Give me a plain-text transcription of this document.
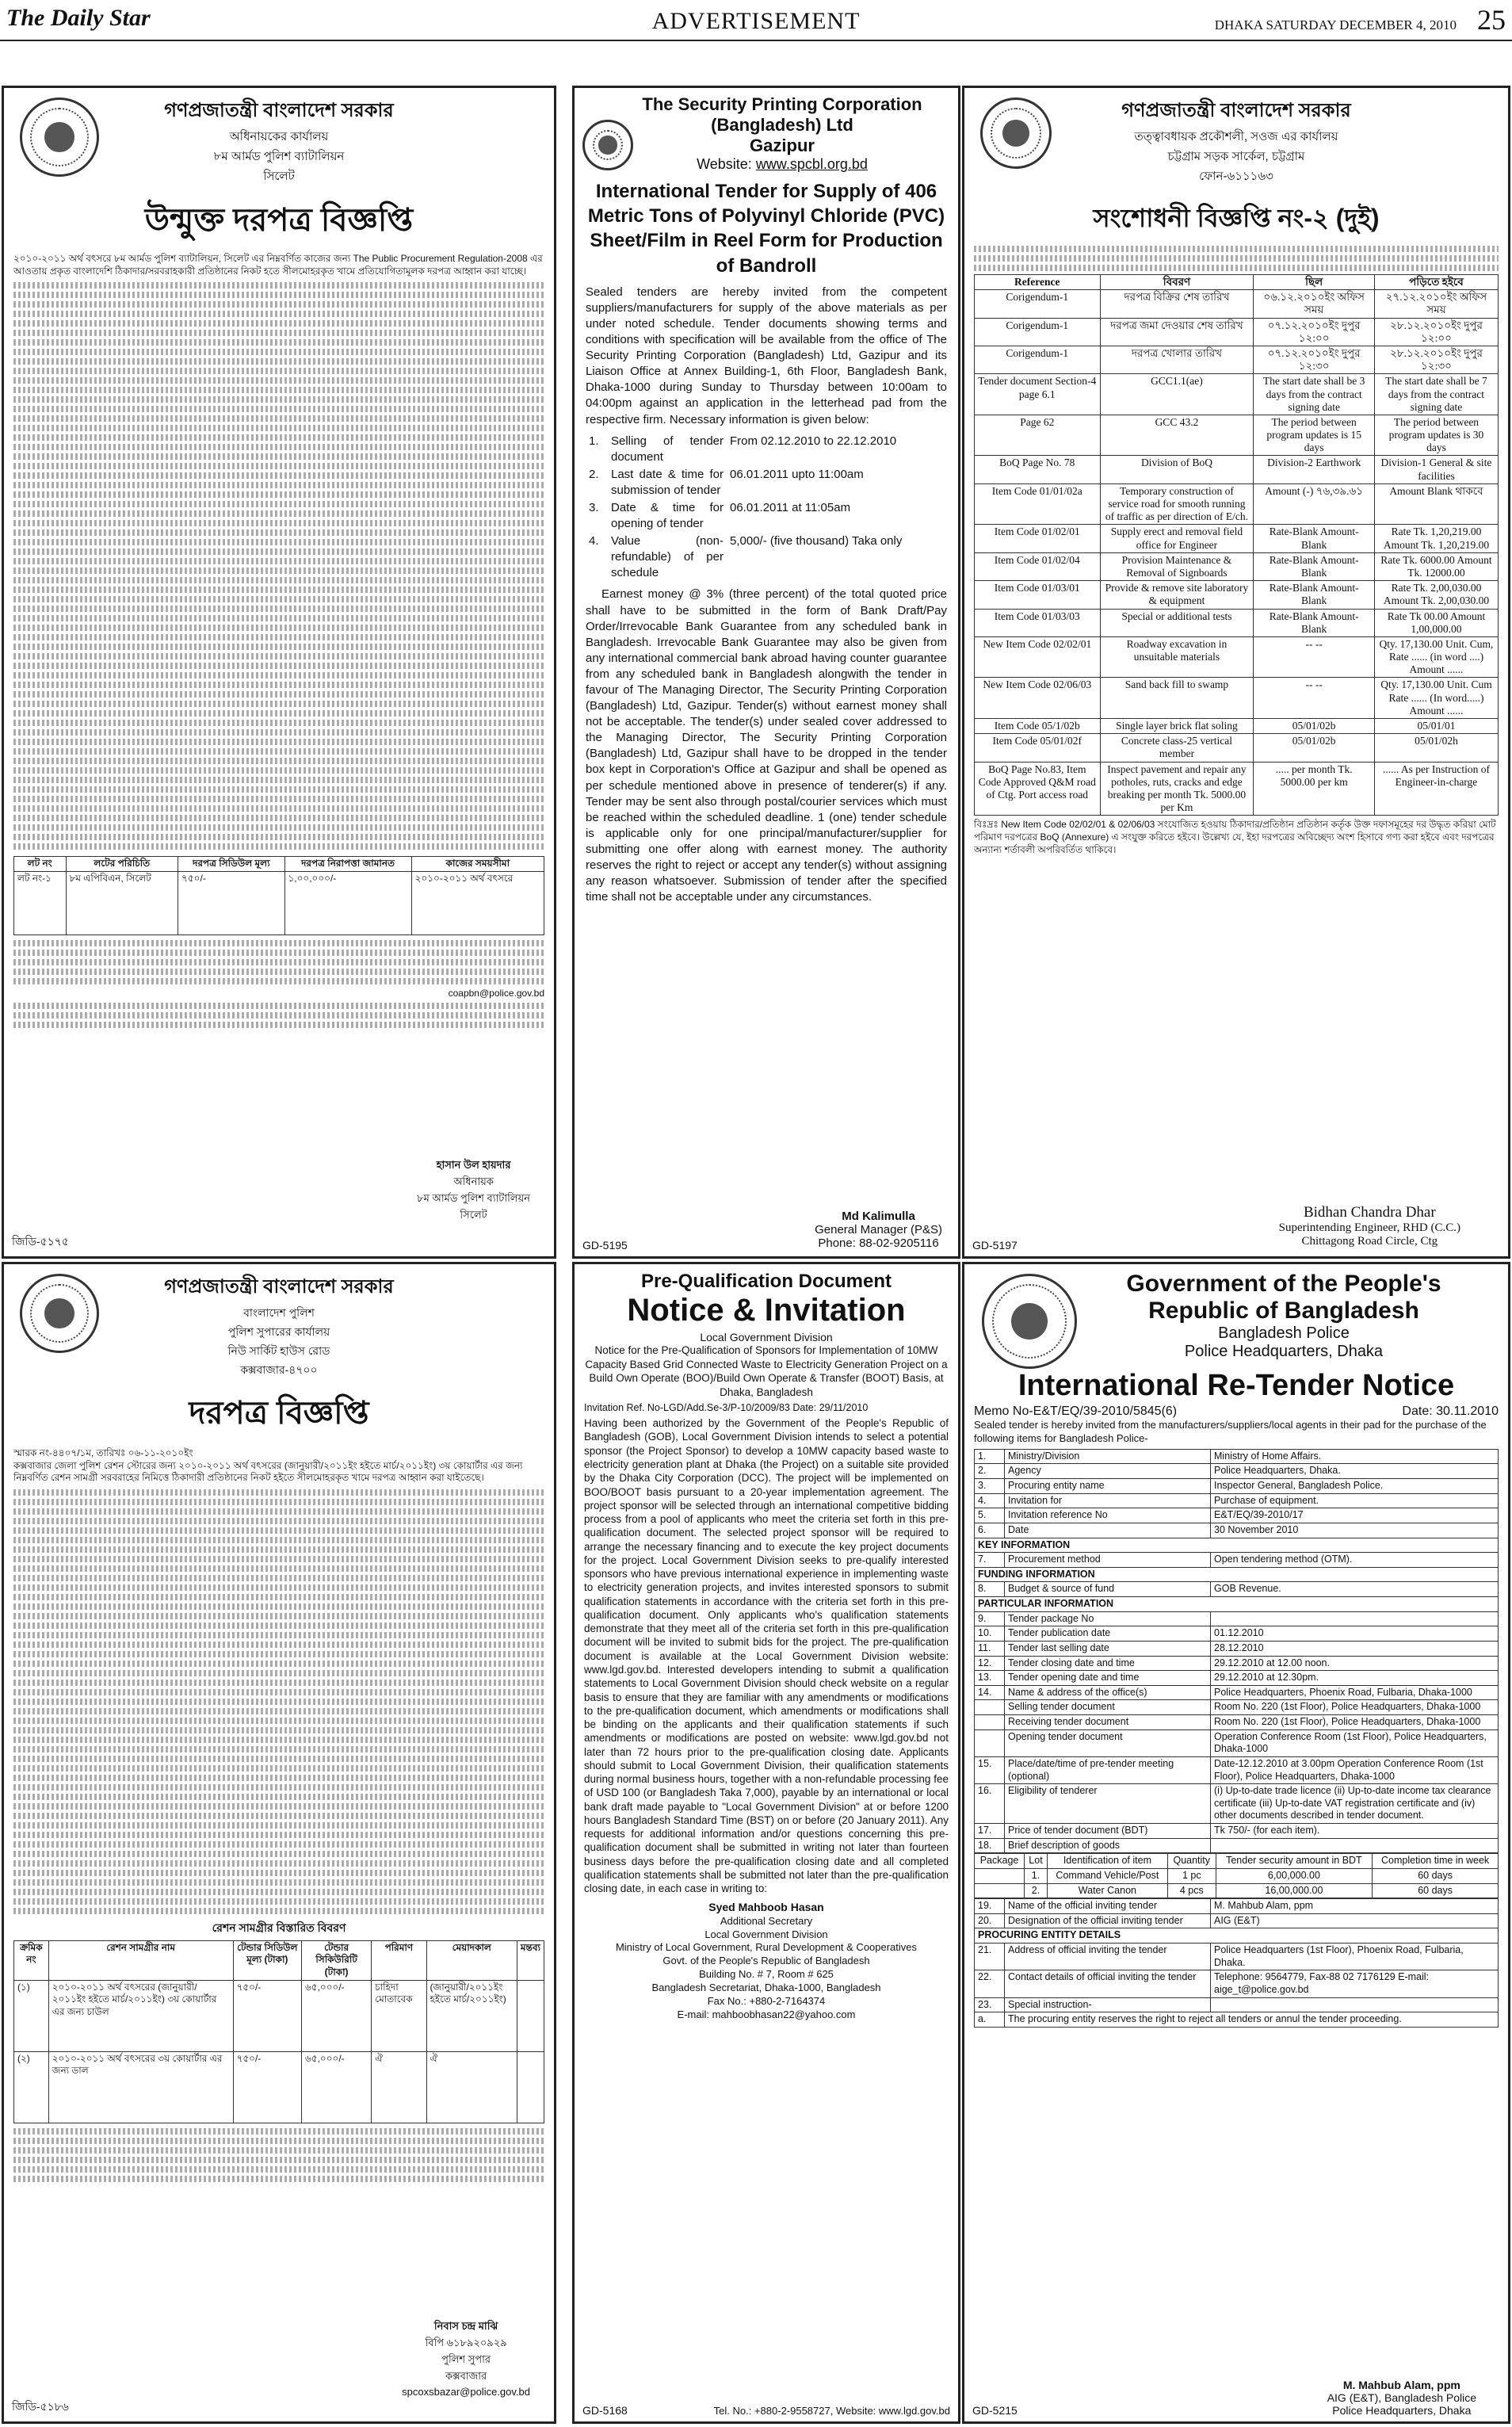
The Daily Star	ADVERTISEMENT	DHAKA SATURDAY DECEMBER 4, 2010 25
গণপ্রজাতন্ত্রী বাংলাদেশ সরকার
অধিনায়কের কার্যালয়
৮ম আর্মড পুলিশ ব্যাটালিয়ন
সিলেট
উন্মুক্ত দরপত্র বিজ্ঞপ্তি
২০১০-২০১১ অর্থ বৎসরে ৮ম আর্মড পুলিশ ব্যাটালিয়ন, সিলেট এর নিম্নবর্ণিত কাজের জন্য The Public Procurement Regulation-2008 এর আওতায় প্রকৃত বাংলাদেশি ঠিকাদার/সরবরাহকারী প্রতিষ্ঠানের নিকট হতে সীলমোহরকৃত খামে প্রতিযোগিতামূলক দরপত্র আহ্বান করা যাচ্ছে।
লট নং	লটের পরিচিতি	দরপত্র সিডিউল মূল্য	দরপত্র নিরাপত্তা জামানত	কাজের সময়সীমা
লট নং-১	৮ম এপিবিএন, সিলেট	৭৫০/-	১,০০,০০০/-	২০১০-২০১১ অর্থ বৎসরে
coapbn@police.gov.bd
হাসান উল হায়দার
অধিনায়ক
৮ম আর্মড পুলিশ ব্যাটালিয়ন
সিলেট
জিডি-৫১৭৫
The Security Printing Corporation
(Bangladesh) Ltd
Gazipur
Website: www.spcbl.org.bd
International Tender for Supply of 406 Metric Tons of Polyvinyl Chloride (PVC) Sheet/Film in Reel Form for Production of Bandroll
Sealed tenders are hereby invited from the competent suppliers/manufacturers for supply of the above materials as per under noted schedule. Tender documents showing terms and conditions with specification will be available from the office of The Security Printing Corporation (Bangladesh) Ltd, Gazipur and its Liaison Office at Annex Building-1, 6th Floor, Bangladesh Bank, Dhaka-1000 during Sunday to Thursday between 10:00am to 04:00pm against an application in the letterhead pad from the respective firm. Necessary information is given below:
1.	Selling of tender document	From 02.12.2010 to 22.12.2010
2.	Last date & time for submission of tender	06.01.2011 upto 11:00am
3.	Date & time for opening of tender	06.01.2011 at 11:05am
4.	Value (non-refundable) of per schedule	5,000/- (five thousand) Taka only
Earnest money @ 3% (three percent) of the total quoted price shall have to be submitted in the form of Bank Draft/Pay Order/Irrevocable Bank Guarantee from any scheduled bank in Bangladesh. Irrevocable Bank Guarantee may also be given from any international commercial bank abroad having counter guarantee from any scheduled bank in Bangladesh alongwith the tender in favour of The Managing Director, The Security Printing Corporation (Bangladesh) Ltd, Gazipur. Tender(s) without earnest money shall not be acceptable. The tender(s) under sealed cover addressed to the Managing Director, The Security Printing Corporation (Bangladesh) Ltd, Gazipur shall have to be dropped in the tender box kept in Corporation's Office at Gazipur and shall be opened as per schedule mentioned above in presence of tenderer(s) if any. Tender may be sent also through postal/courier services which must be reached within the scheduled deadline. 1 (one) tender schedule is applicable only for one principal/manufacturer/supplier for submitting one offer along with earnest money. The authority reserves the right to reject or accept any tender(s) without assigning any reason whatsoever. Submission of tender after the specified time shall not be acceptable under any circumstances.
Md Kalimulla
General Manager (P&S)
Phone: 88-02-9205116
GD-5195
গণপ্রজাতন্ত্রী বাংলাদেশ সরকার
তত্ত্বাবধায়ক প্রকৌশলী, সওজ এর কার্যালয়
চট্টগ্রাম সড়ক সার্কেল, চট্টগ্রাম
ফোন-৬১১১৬৩
সংশোধনী বিজ্ঞপ্তি নং-২ (দুই)
Reference	বিবরণ	ছিল	পড়িতে হইবে
Corigendum-1	দরপত্র বিক্রির শেষ তারিখ	০৬.১২.২০১০ইং অফিস সময়	২৭.১২.২০১০ইং অফিস সময়
Corigendum-1	দরপত্র জমা দেওয়ার শেষ তারিখ	০৭.১২.২০১০ইং দুপুর ১২:০০	২৮.১২.২০১০ইং দুপুর ১২:০০
Corigendum-1	দরপত্র খোলার তারিখ	০৭.১২.২০১০ইং দুপুর ১২:৩০	২৮.১২.২০১০ইং দুপুর ১২:৩০
Tender document Section-4 page 6.1	GCC1.1(ae)	The start date shall be 3 days from the contract signing date	The start date shall be 7 days from the contract signing date
Page 62	GCC 43.2	The period between program updates is 15 days	The period between program updates is 30 days
BoQ Page No. 78	Division of BoQ	Division-2 Earthwork	Division-1 General & site facilities
Item Code 01/01/02a	Temporary construction of service road for smooth running of traffic as per direction of E/ch.	Amount (-) ৭৬,৩৯.৬১	Amount Blank থাকবে
Item Code 01/02/01	Supply erect and removal field office for Engineer	Rate-Blank Amount-Blank	Rate Tk. 1,20,219.00 Amount Tk. 1,20,219.00
Item Code 01/02/04	Provision Maintenance & Removal of Signboards	Rate-Blank Amount-Blank	Rate Tk. 6000.00 Amount Tk. 12000.00
Item Code 01/03/01	Provide & remove site laboratory & equipment	Rate-Blank Amount-Blank	Rate Tk. 2,00,030.00 Amount Tk. 2,00,030.00
Item Code 01/03/03	Special or additional tests	Rate-Blank Amount-Blank	Rate Tk 00.00 Amount 1,00,000.00
New Item Code 02/02/01	Roadway excavation in unsuitable materials	-- --	Qty. 17,130.00 Unit. Cum, Rate ...... (in word ....) Amount ......
New Item Code 02/06/03	Sand back fill to swamp	-- --	Qty. 17,130.00 Unit. Cum Rate ...... (In word.....) Amount ......
Item Code 05/1/02b	Single layer brick flat soling	05/01/02b	05/01/01
Item Code 05/01/02f	Concrete class-25 vertical member	05/01/02b	05/01/02h
BoQ Page No.83, Item Code Approved Q&M road of Ctg. Port access road	Inspect pavement and repair any potholes, ruts, cracks and edge breaking per month Tk. 5000.00 per Km	..... per month Tk. 5000.00 per km	...... As per Instruction of Engineer-in-charge
বিঃদ্রঃ New Item Code 02/02/01 & 02/06/03 সংযোজিত হওয়ায় ঠিকাদার/প্রতিষ্ঠান প্রতিষ্ঠান কর্তৃক উক্ত দফাসমূহের দর উদ্ধৃত করিয়া মোট পরিমাণ দরপত্রের BoQ (Annexure) এ সংযুক্ত করিতে হইবে। উল্লেখ্য যে, ইহা দরপত্রের অবিচ্ছেদ্য অংশ হিসাবে গণ্য করা হইবে এবং দরপত্রের অন্যান্য শর্তাবলী অপরিবর্তিত থাকিবে।
Bidhan Chandra Dhar
Superintending Engineer, RHD (C.C.)
Chittagong Road Circle, Ctg
GD-5197
গণপ্রজাতন্ত্রী বাংলাদেশ সরকার
বাংলাদেশ পুলিশ
পুলিশ সুপারের কার্যালয়
নিউ সার্কিট হাউস রোড
কক্সবাজার-৪৭০০
দরপত্র বিজ্ঞপ্তি
স্মারক নং-৪৪০৭/১ম, তারিখঃ ০৬-১১-২০১০ইং
কক্সবাজার জেলা পুলিশ রেশন স্টোরের জন্য ২০১০-২০১১ অর্থ বৎসরের (জানুয়ারী/২০১১ইং হইতে মার্চ/২০১১ইং) ৩য় কোয়ার্টার এর জন্য নিম্নবর্ণিত রেশন সামগ্রী সরবরাহের নিমিত্তে ঠিকাদারী প্রতিষ্ঠানের নিকট হইতে সীলমোহরকৃত খামে দরপত্র আহ্বান করা যাইতেছে।
রেশন সামগ্রীর বিস্তারিত বিবরণ
ক্রমিক নং	রেশন সামগ্রীর নাম	টেন্ডার সিডিউল মূল্য (টাকা)	টেন্ডার সিকিউরিটি (টাকা)	পরিমাণ	মেয়াদকাল	মন্তব্য
(১)	২০১০-২০১১ অর্থ বৎসরের (জানুয়ারী/২০১১ইং হইতে মার্চ/২০১১ইং) ৩য় কোয়ার্টার এর জন্য চাউল	৭৫০/-	৬৫,০০০/-	চাহিদা মোতাবেক	(জানুয়ারী/২০১১ইং হইতে মার্চ/২০১১ইং)	
(২)	২০১০-২০১১ অর্থ বৎসরের ৩য় কোয়ার্টার এর জন্য ডাল	৭৫০/-	৬৫,০০০/-	ঐ	ঐ	
নিবাস চন্দ্র মাঝি
বিপি ৬১৮৯২০৯২৯
পুলিশ সুপার
কক্সবাজার
spcoxsbazar@police.gov.bd
জিডি-৫১৮৬
Pre-Qualification Document
Notice & Invitation
Local Government Division
Notice for the Pre-Qualification of Sponsors for Implementation of 10MW Capacity Based Grid Connected Waste to Electricity Generation Project on a Build Own Operate (BOO)/Build Own Operate & Transfer (BOOT) Basis, at Dhaka, Bangladesh
Invitation Ref. No-LGD/Add.Se-3/P-10/2009/83 Date: 29/11/2010
Having been authorized by the Government of the People's Republic of Bangladesh (GOB), Local Government Division intends to select a potential sponsor (the Project Sponsor) to develop a 10MW capacity based waste to electricity generation plant at Dhaka (the Project) on a suitable site provided by the Dhaka City Corporation (DCC). The project will be implemented on BOO/BOOT basis pursuant to a 20-year implementation agreement. The project sponsor will be selected through an international competitive bidding process from a pool of applicants who meet the criteria set forth in this pre-qualification document. The selected project sponsor will be required to arrange the necessary financing and to execute the key project documents for the project. Local Government Division seeks to pre-qualify interested sponsors who have previous international experience in implementing waste to electricity generation projects, and invites interested sponsors to submit qualification statements in accordance with the criteria set forth in this pre-qualification document. Only applicants who's qualification statements demonstrate that they meet all of the criteria set forth in this pre-qualification document will be invited to submit bids for the project. The pre-qualification document is available at the Local Government Division website: www.lgd.gov.bd. Interested developers intending to submit a qualification statements to Local Government Division should check website on a regular basis to ensure that they are familiar with any amendments or modifications to the pre-qualification document, which amendments or modifications shall be binding on the applicants and their qualification statements if such amendments or modifications are posted on website: www.lgd.gov.bd not later than 72 hours prior to the pre-qualification closing date. Applicants should submit to Local Government Division, their qualification statements during normal business hours, together with a non-refundable processing fee of USD 100 (or Bangladesh Taka 7,000), payable by an international or local bank draft made payable to "Local Government Division" at or before 1200 hours Bangladesh Standard Time (BST) on or before (20 January 2011). Any requests for additional information and/or questions concerning this pre-qualification document shall be submitted in writing not later than fourteen business days before the pre-qualification closing date and all completed qualification statements shall be submitted not later than the pre-qualification closing date, in each case in writing to:
Syed Mahboob Hasan
Additional Secretary
Local Government Division
Ministry of Local Government, Rural Development & Cooperatives
Govt. of the People's Republic of Bangladesh
Building No. # 7, Room # 625
Bangladesh Secretariat, Dhaka-1000, Bangladesh
Fax No.: +880-2-7164374
E-mail: mahboobhasan22@yahoo.com
Tel. No.: +880-2-9558727, Website: www.lgd.gov.bd
GD-5168
Government of the People's
Republic of Bangladesh
Bangladesh Police
Police Headquarters, Dhaka
International Re-Tender Notice
Memo No-E&T/EQ/39-2010/5845(6)	Date: 30.11.2010
Sealed tender is hereby invited from the manufacturers/suppliers/local agents in their pad for the purchase of the following items for Bangladesh Police-
1.	Ministry/Division	Ministry of Home Affairs.
2.	Agency	Police Headquarters, Dhaka.
3.	Procuring entity name	Inspector General, Bangladesh Police.
4.	Invitation for	Purchase of equipment.
5.	Invitation reference No	E&T/EQ/39-2010/17
6.	Date	30 November 2010
KEY INFORMATION		
7.	Procurement method	Open tendering method (OTM).
FUNDING INFORMATION		
8.	Budget & source of fund	GOB Revenue.
PARTICULAR INFORMATION		
9.	Tender package No	
10.	Tender publication date	01.12.2010
11.	Tender last selling date	28.12.2010
12.	Tender closing date and time	29.12.2010 at 12.00 noon.
13.	Tender opening date and time	29.12.2010 at 12.30pm.
14.	Name & address of the office(s)	Police Headquarters, Phoenix Road, Fulbaria, Dhaka-1000
	Selling tender document	Room No. 220 (1st Floor), Police Headquarters, Dhaka-1000
	Receiving tender document	Room No. 220 (1st Floor), Police Headquarters, Dhaka-1000
	Opening tender document	Operation Conference Room (1st Floor), Police Headquarters, Dhaka-1000
15.	Place/date/time of pre-tender meeting (optional)	Date-12.12.2010 at 3.00pm Operation Conference Room (1st Floor), Police Headquarters, Dhaka-1000
16.	Eligibility of tenderer	(i) Up-to-date trade licence (ii) Up-to-date income tax clearance certificate (iii) Up-to-date VAT registration certificate and (iv) other documents described in tender document.
17.	Price of tender document (BDT)	Tk 750/- (for each item).
18.	Brief description of goods	
Package	Lot	Identification of item	Quantity	Tender security amount in BDT	Completion time in week
	1.	Command Vehicle/Post	1 pc	6,00,000.00	60 days
	2.	Water Canon	4 pcs	16,00,000.00	60 days
19.	Name of the official inviting tender	M. Mahbub Alam, ppm
20.	Designation of the official inviting tender	AIG (E&T)
PROCURING ENTITY DETAILS		
21.	Address of official inviting the tender	Police Headquarters (1st Floor), Phoenix Road, Fulbaria, Dhaka.
22.	Contact details of official inviting the tender	Telephone: 9564779, Fax-88 02 7176129 E-mail: aige_t@police.gov.bd
23.	Special instruction-	
a.	The procuring entity reserves the right to reject all tenders or annul the tender proceeding.	
M. Mahbub Alam, ppm
AIG (E&T), Bangladesh Police
Police Headquarters, Dhaka
GD-5215
